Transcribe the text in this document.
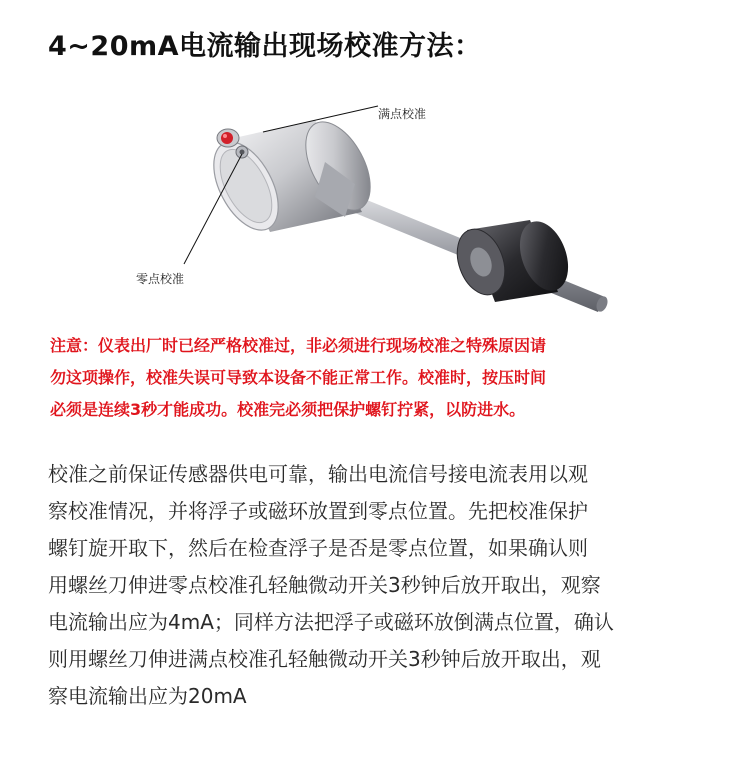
4~20mA电流输出现场校准方法：
满点校准
零点校准

注意：仪表出厂时已经严格校准过，非必须进行现场校准之特殊原因请

勿这项操作，校准失误可导致本设备不能正常工作。校准时，按压时间

必须是连续3秒才能成功。校准完必须把保护螺钉拧紧，以防进水。

校准之前保证传感器供电可靠，输出电流信号接电流表用以观

察校准情况，并将浮子或磁环放置到零点位置。先把校准保护

螺钉旋开取下，然后在检查浮子是否是零点位置，如果确认则

用螺丝刀伸进零点校准孔轻触微动开关3秒钟后放开取出，观察

电流输出应为4mA；同样方法把浮子或磁环放倒满点位置，确认

则用螺丝刀伸进满点校准孔轻触微动开关3秒钟后放开取出，观

察电流输出应为20mA
